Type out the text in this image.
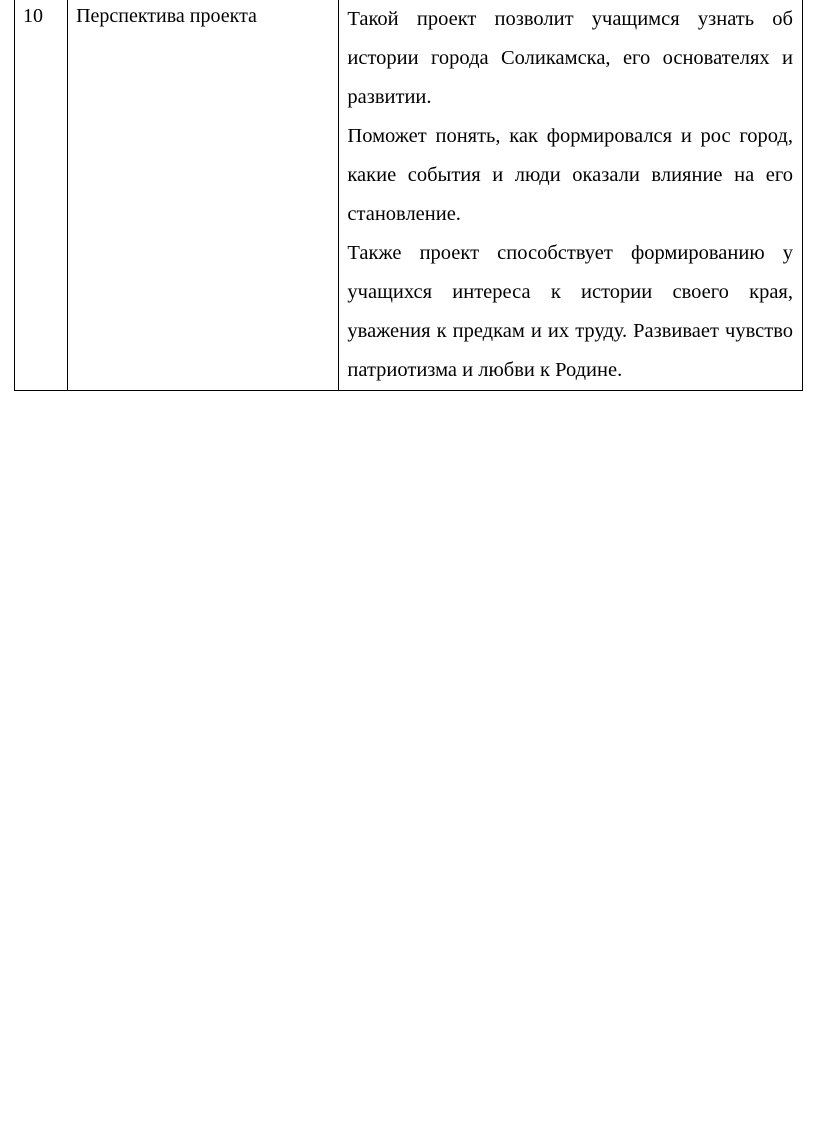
10	Перспектива проекта	Такой проект позволит учащимся узнать об истории города Соликамска, его основателях и развитии.

Поможет понять, как формировался и рос город, какие события и люди оказали влияние на его становление.

Также проект способствует формированию у учащихся интереса к истории своего края, уважения к предкам и их труду. Развивает чувство патриотизма и любви к Родине.
